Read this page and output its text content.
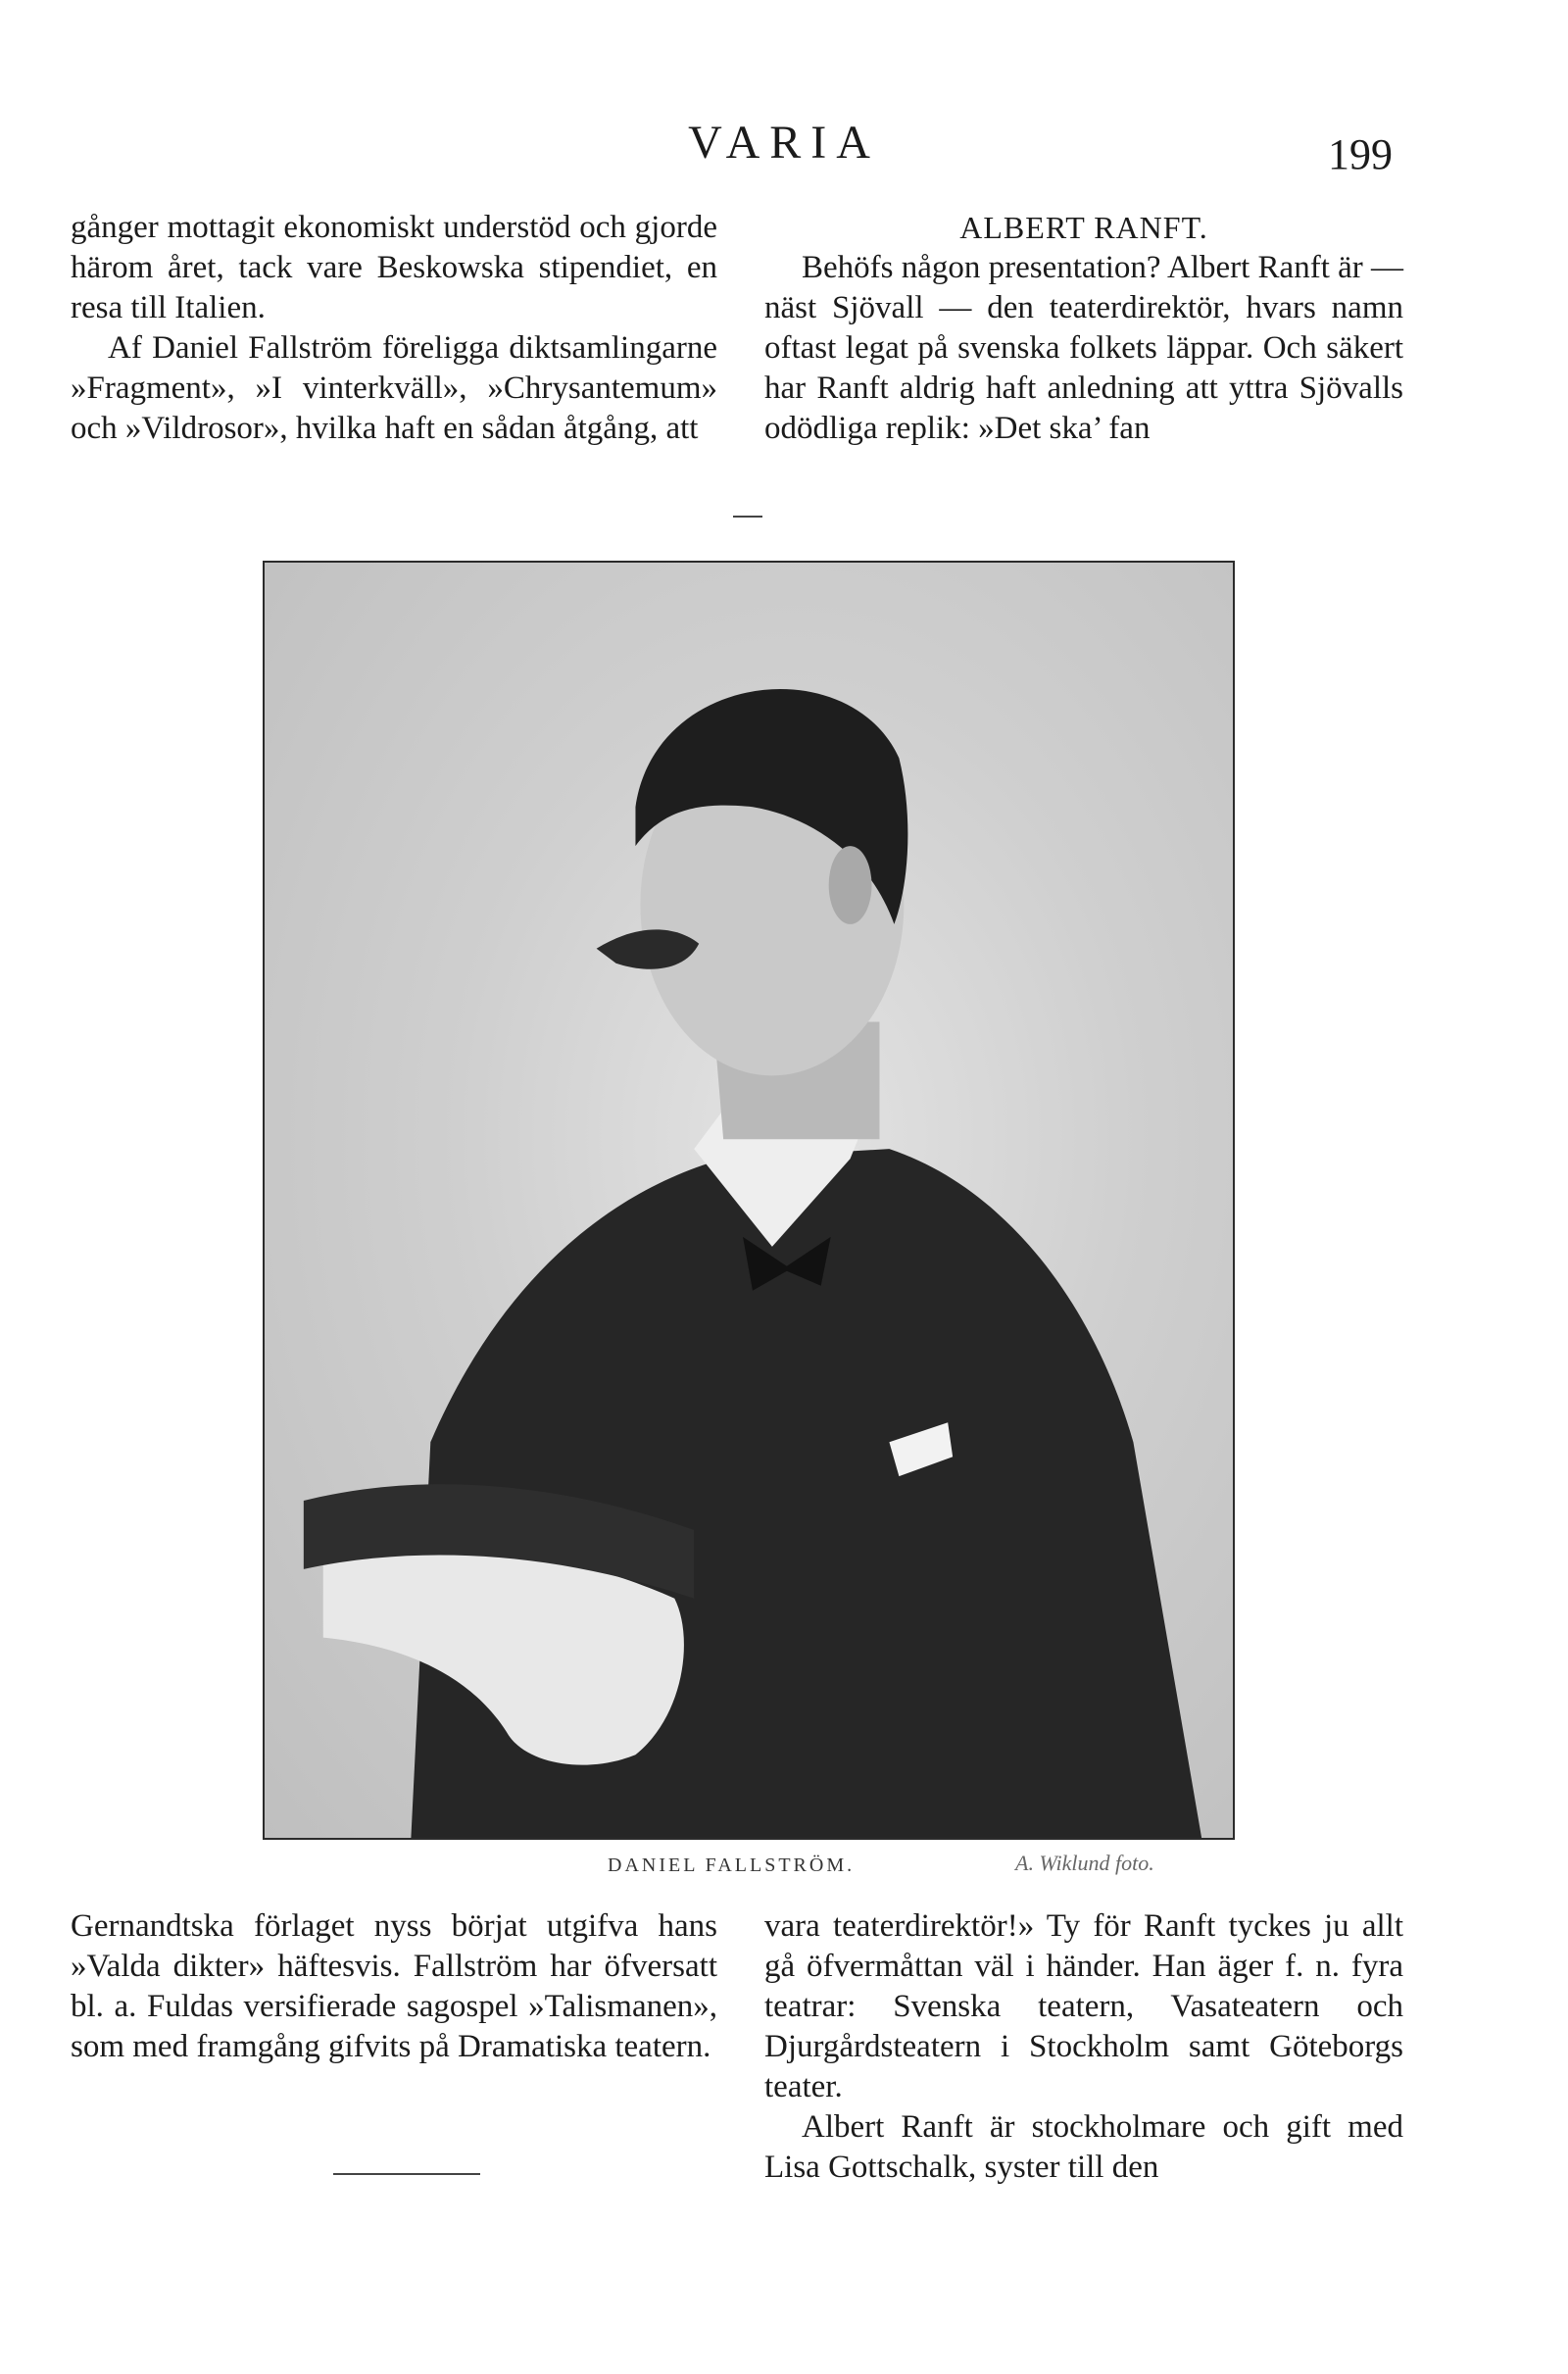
VARIA	199

gånger mottagit ekonomiskt understöd och gjorde härom året, tack vare Beskowska stipendiet, en resa till Italien.

Af Daniel Fallström föreligga diktsamlingarne »Fragment», »I vinterkväll», »Chrysantemum» och »Vildrosor», hvilka haft en sådan åtgång, att

ALBERT RANFT.

Behöfs någon presentation? Albert Ranft är — näst Sjövall — den teaterdirektör, hvars namn oftast legat på svenska folkets läppar. Och säkert har Ranft aldrig haft anledning att yttra Sjövalls odödliga replik: »Det ska’ fan

DANIEL FALLSTRÖM.	A. Wiklund foto.

Gernandtska förlaget nyss börjat utgifva hans »Valda dikter» häftesvis. Fallström har öfversatt bl. a. Fuldas versifierade sagospel »Talismanen», som med framgång gifvits på Dramatiska teatern.

vara teaterdirektör!» Ty för Ranft tyckes ju allt gå öfvermåttan väl i händer. Han äger f. n. fyra teatrar: Svenska teatern, Vasateatern och Djurgårdsteatern i Stockholm samt Göteborgs teater.

Albert Ranft är stockholmare och gift med Lisa Gottschalk, syster till den
